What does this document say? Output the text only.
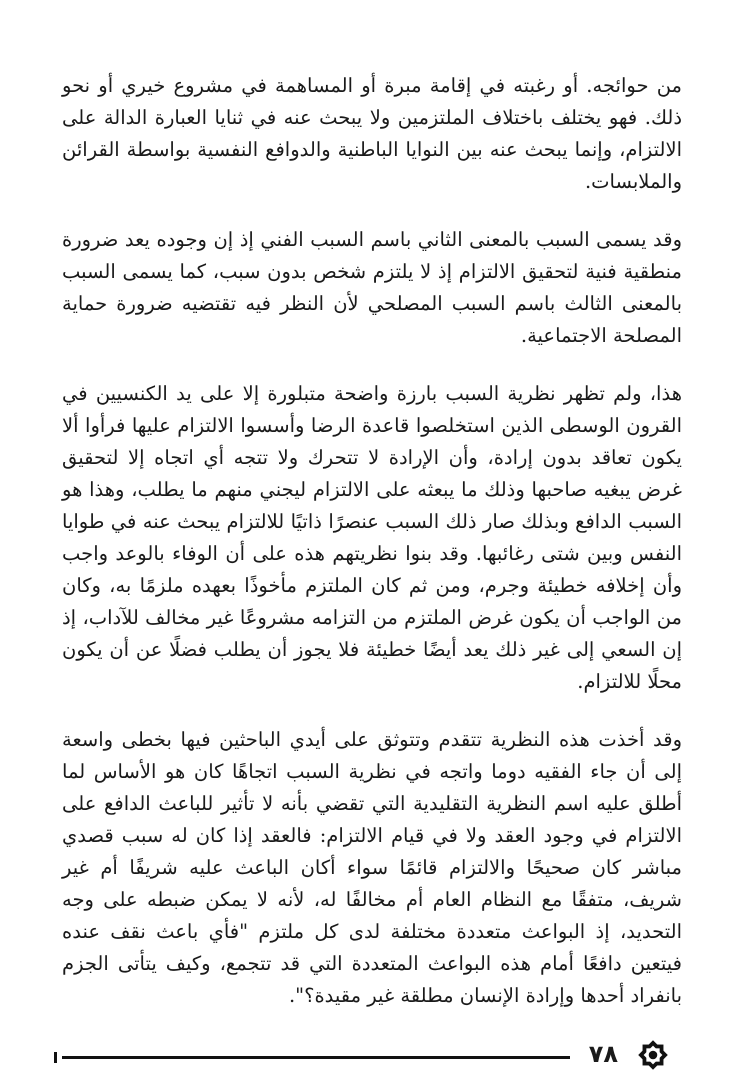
من حوائجه. أو رغبته في إقامة مبرة أو المساهمة في مشروع خيري أو نحو ذلك. فهو يختلف باختلاف الملتزمين ولا يبحث عنه في ثنايا العبارة الدالة على الالتزام، وإنما يبحث عنه بين النوايا الباطنية والدوافع النفسية بواسطة القرائن والملابسات.

وقد يسمى السبب بالمعنى الثاني باسم السبب الفني إذ إن وجوده يعد ضرورة منطقية فنية لتحقيق الالتزام إذ لا يلتزم شخص بدون سبب، كما يسمى السبب بالمعنى الثالث باسم السبب المصلحي لأن النظر فيه تقتضيه ضرورة حماية المصلحة الاجتماعية.

هذا، ولم تظهر نظرية السبب بارزة واضحة متبلورة إلا على يد الكنسيين في القرون الوسطى الذين استخلصوا قاعدة الرضا وأسسوا الالتزام عليها فرأوا ألا يكون تعاقد بدون إرادة، وأن الإرادة لا تتحرك ولا تتجه أي اتجاه إلا لتحقيق غرض يبغيه صاحبها وذلك ما يبعثه على الالتزام ليجني منهم ما يطلب، وهذا هو السبب الدافع وبذلك صار ذلك السبب عنصرًا ذاتيًا للالتزام يبحث عنه في طوايا النفس وبين شتى رغائبها. وقد بنوا نظريتهم هذه على أن الوفاء بالوعد واجب وأن إخلافه خطيئة وجرم، ومن ثم كان الملتزم مأخوذًا بعهده ملزمًا به، وكان من الواجب أن يكون غرض الملتزم من التزامه مشروعًا غير مخالف للآداب، إذ إن السعي إلى غير ذلك يعد أيضًا خطيئة فلا يجوز أن يطلب فضلًا عن أن يكون محلًا للالتزام.

وقد أخذت هذه النظرية تتقدم وتتوثق على أيدي الباحثين فيها بخطى واسعة إلى أن جاء الفقيه دوما واتجه في نظرية السبب اتجاهًا كان هو الأساس لما أطلق عليه اسم النظرية التقليدية التي تقضي بأنه لا تأثير للباعث الدافع على الالتزام في وجود العقد ولا في قيام الالتزام: فالعقد إذا كان له سبب قصدي مباشر كان صحيحًا والالتزام قائمًا سواء أكان الباعث عليه شريفًا أم غير شريف، متفقًا مع النظام العام أم مخالفًا له، لأنه لا يمكن ضبطه على وجه التحديد، إذ البواعث متعددة مختلفة لدى كل ملتزم "فأي باعث نقف عنده فيتعين دافعًا أمام هذه البواعث المتعددة التي قد تتجمع، وكيف يتأتى الجزم بانفراد أحدها وإرادة الإنسان مطلقة غير مقيدة؟".

٧٨
